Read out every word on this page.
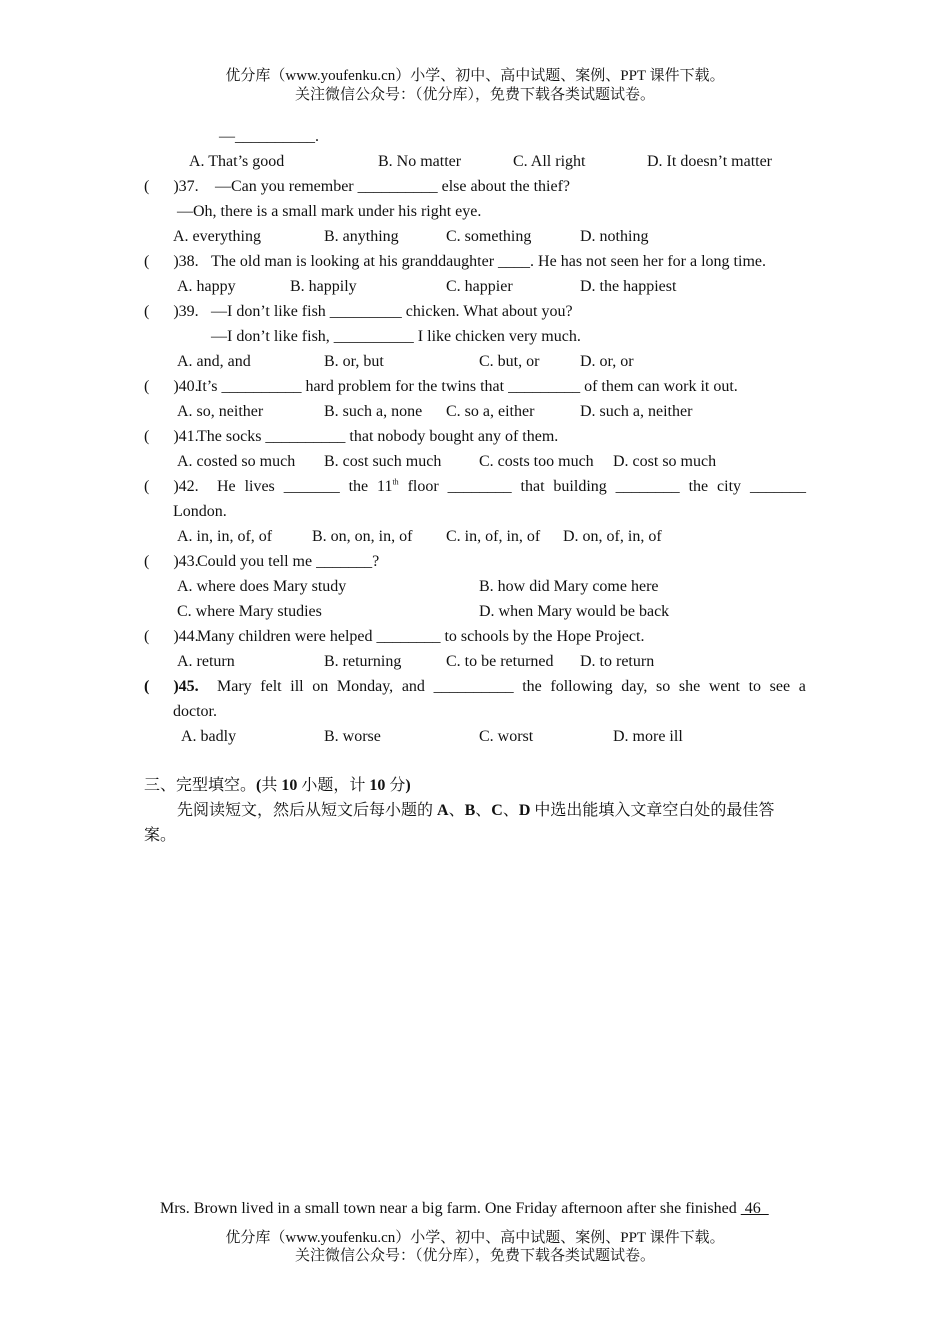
优分库（www.youfenku.cn）小学、初中、高中试题、案例、PPT 课件下载。
关注微信公众号：（优分库），免费下载各类试题试卷。
—__________.
A. That’s good	B. No matter	C. All right	D. It doesn’t matter
(      )37. —Can you remember __________ else about the thief?
—Oh, there is a small mark under his right eye.
A. everything	B. anything	C. something	D. nothing
(      )38. The old man is looking at his granddaughter ____. He has not seen her for a long time.
A. happy	B. happily	C. happier	D. the happiest
(      )39. —I don’t like fish _________ chicken. What about you?
—I don’t like fish, __________ I like chicken very much.
A. and, and	B. or, but	C. but, or	D. or, or
(      )40.
It’s __________ hard problem for the twins that _________ of them can work it out.
A. so, neither	B. such a, none C. so a, either	D. such a, neither
(      )41.
The socks __________ that nobody bought any of them.
A. costed so much B. cost such much C. costs too much D. cost so much
(      )42. He lives _______ the 11th floor ________ that building ________ the city _______
London.
A. in, in, of, of B. on, on, in, of C. in, of, in, of D. on, of, in, of
(      )43.
Could you tell me _______?
A. where does Mary study	B. how did Mary come here
C. where Mary studies	D. when Mary would be back
(      )44.
Many children were helped ________ to schools by the Hope Project.
A. return	B. returning	C. to be returned D. to return
(      )45. Mary felt ill on Monday, and __________ the following day, so she went to see a
doctor.
A. badly	B. worse	C. worst	D. more ill
三、完型填空。(共 10 小题，计 10 分)
先阅读短文，然后从短文后每小题的 A、B、C、D 中选出能填入文章空白处的最佳答
案。
Mrs. Brown lived in a small town near a big farm. One Friday afternoon after she finished  46
优分库（www.youfenku.cn）小学、初中、高中试题、案例、PPT 课件下载。
关注微信公众号：（优分库），免费下载各类试题试卷。
